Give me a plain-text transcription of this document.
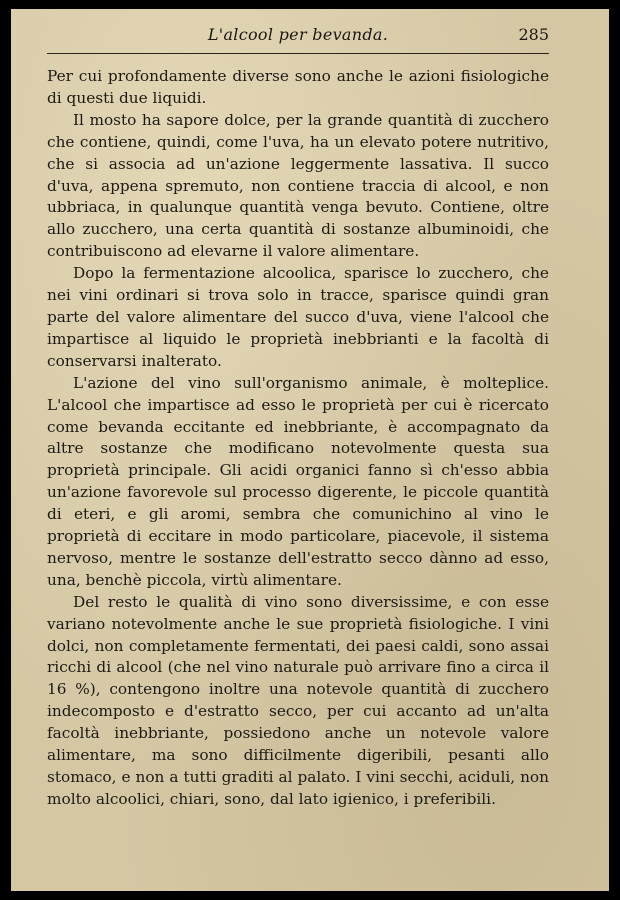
L'alcool per bevanda.	285

Per cui profondamente diverse sono anche le azioni fisiologiche di questi due liquidi.

Il mosto ha sapore dolce, per la grande quantità di zucchero che contiene, quindi, come l'uva, ha un elevato potere nutritivo, che si associa ad un'azione leggermente lassativa. Il succo d'uva, appena spremuto, non contiene traccia di alcool, e non ubbriaca, in qualunque quantità venga bevuto. Contiene, oltre allo zucchero, una certa quantità di sostanze albuminoidi, che contribuiscono ad elevarne il valore alimentare.

Dopo la fermentazione alcoolica, sparisce lo zucchero, che nei vini ordinari si trova solo in tracce, sparisce quindi gran parte del valore alimentare del succo d'uva, viene l'alcool che impartisce al liquido le proprietà inebbrianti e la facoltà di conservarsi inalterato.

L'azione del vino sull'organismo animale, è molteplice. L'alcool che impartisce ad esso le proprietà per cui è ricercato come bevanda eccitante ed inebbriante, è accompagnato da altre sostanze che modificano notevolmente questa sua proprietà principale. Gli acidi organici fanno sì ch'esso abbia un'azione favorevole sul processo digerente, le piccole quantità di eteri, e gli aromi, sembra che comunichino al vino le proprietà di eccitare in modo particolare, piacevole, il sistema nervoso, mentre le sostanze dell'estratto secco dànno ad esso, una, benchè piccola, virtù alimentare.

Del resto le qualità di vino sono diversissime, e con esse variano notevolmente anche le sue proprietà fisiologiche. I vini dolci, non completamente fermentati, dei paesi caldi, sono assai ricchi di alcool (che nel vino naturale può arrivare fino a circa il 16 %), contengono inoltre una notevole quantità di zucchero indecomposto e d'estratto secco, per cui accanto ad un'alta facoltà inebbriante, possiedono anche un notevole valore alimentare, ma sono difficilmente digeribili, pesanti allo stomaco, e non a tutti graditi al palato. I vini secchi, aciduli, non molto alcoolici, chiari, sono, dal lato igienico, i preferibili.
